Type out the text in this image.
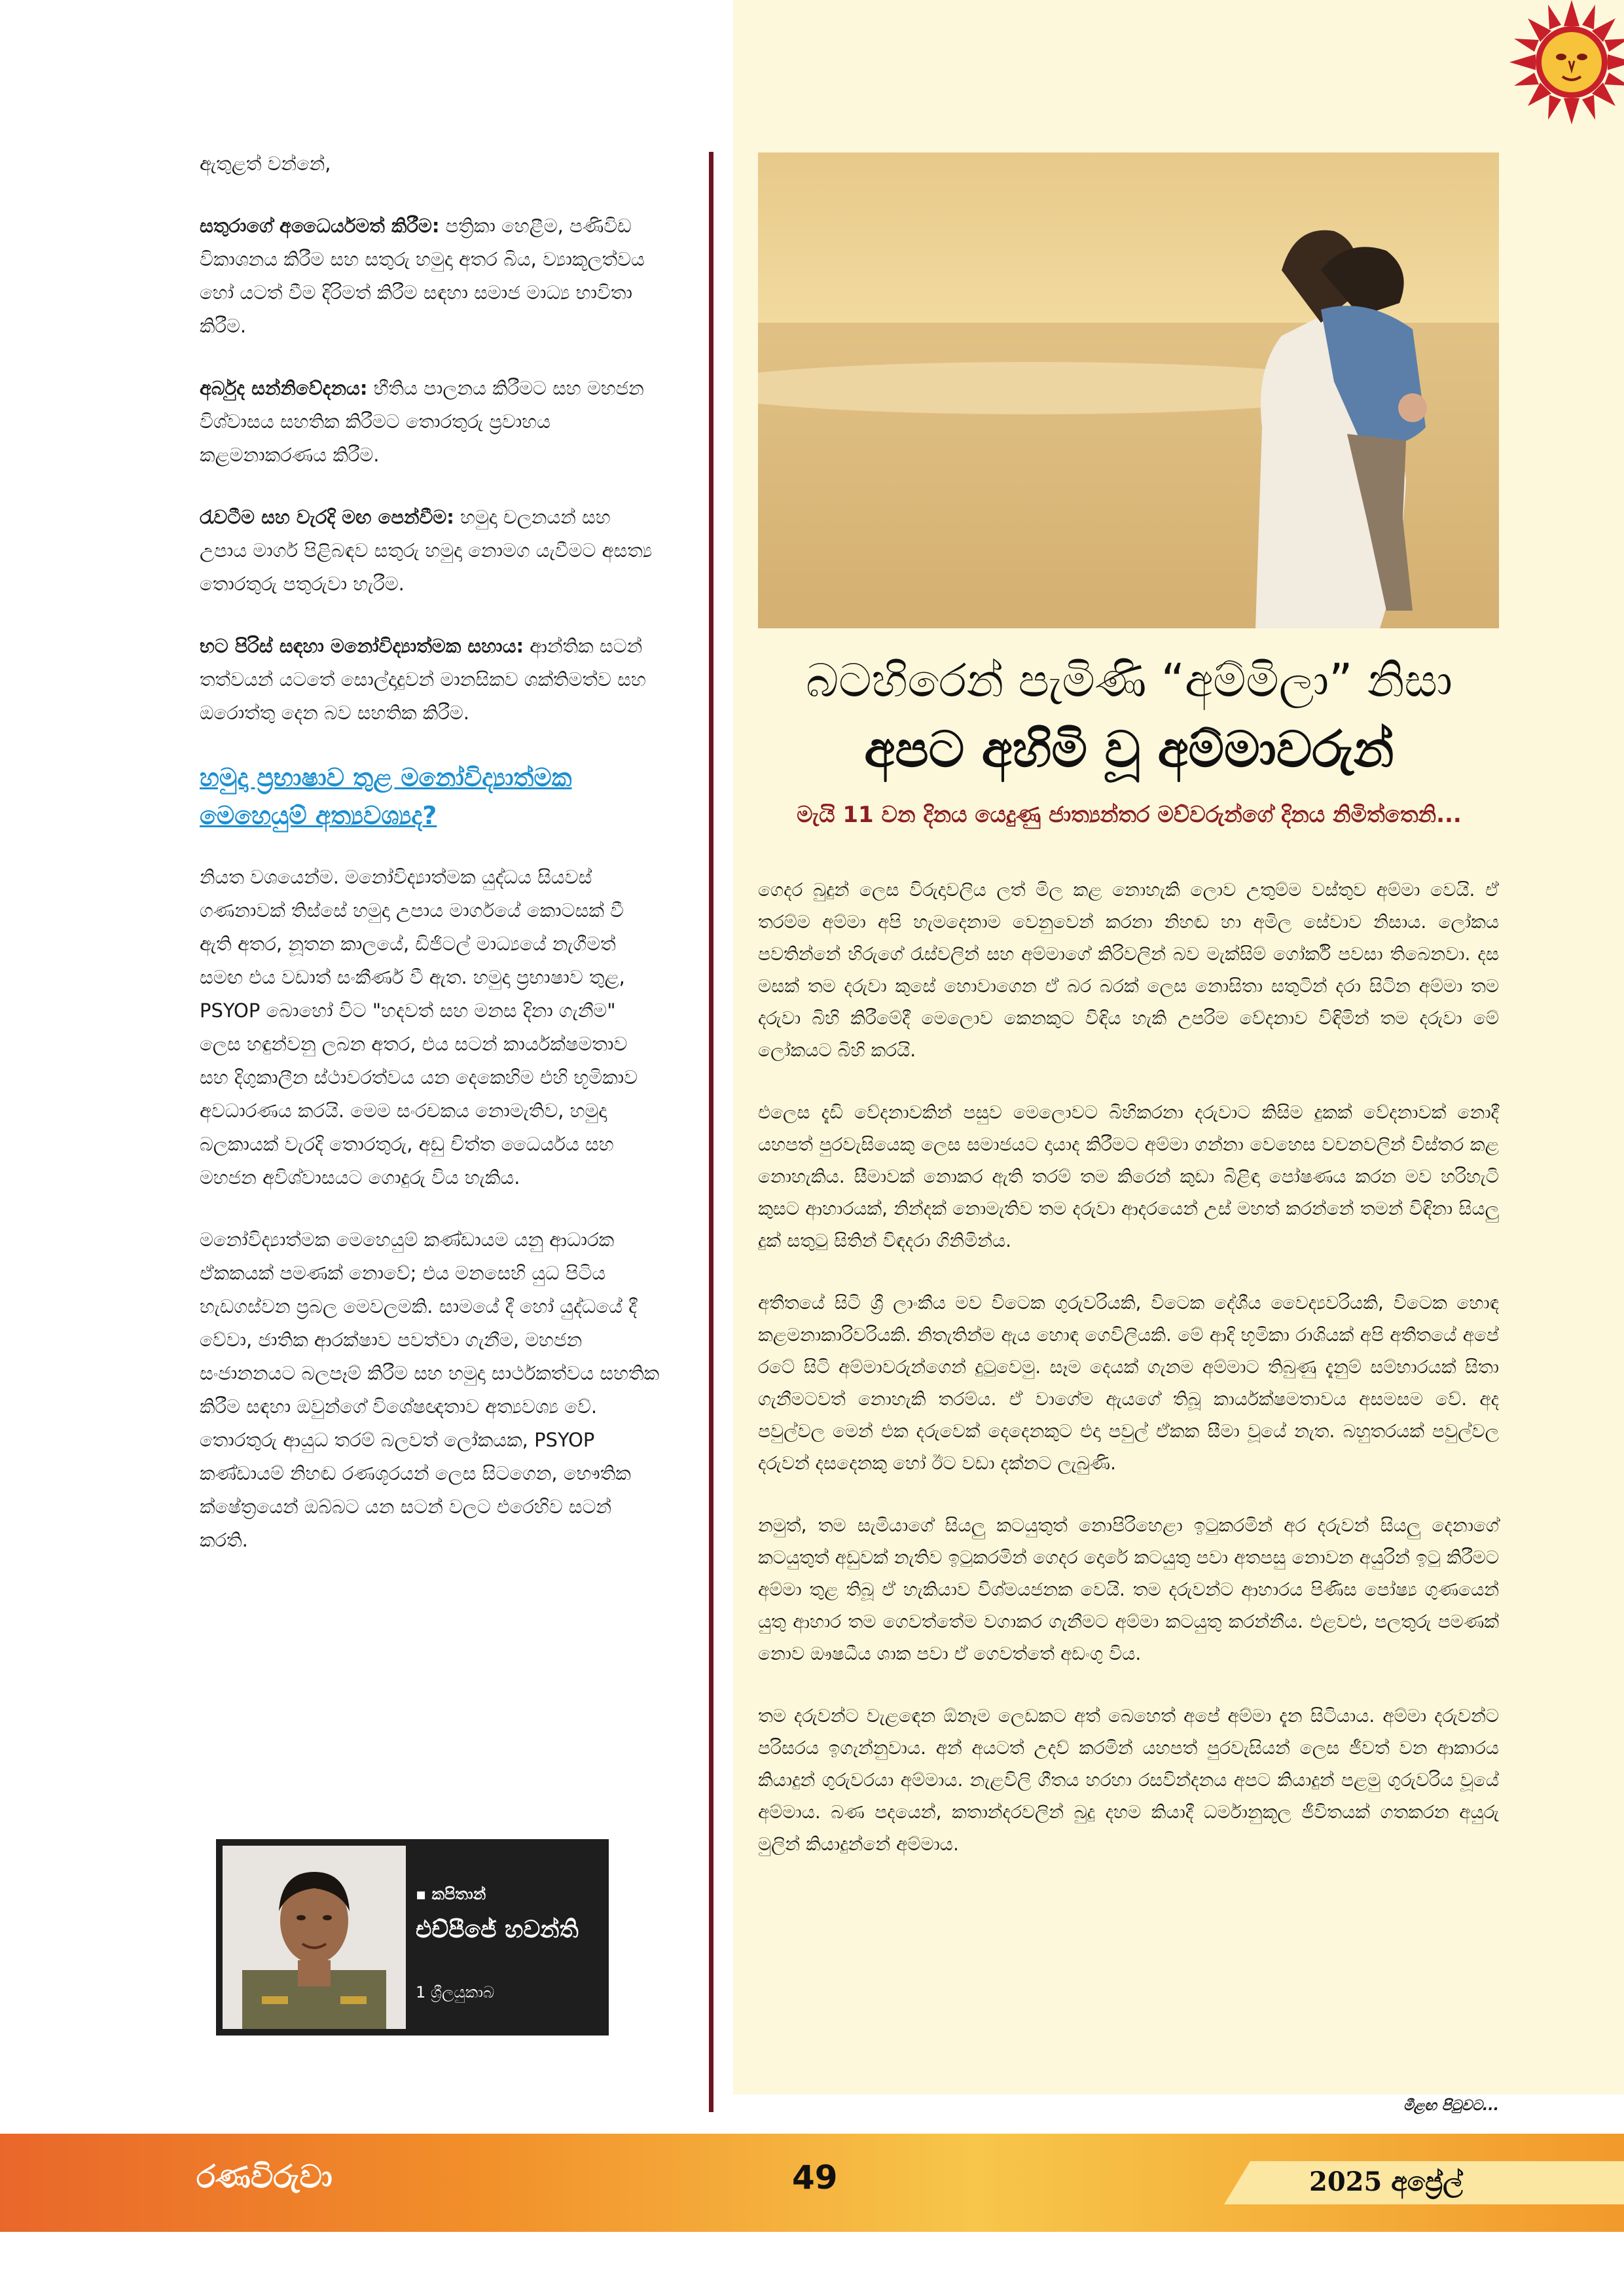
ඇතුළත් වන්නේ,

සතුරාගේ අධෛර්යමත් කිරීම: පත්‍රිකා හෙළීම, පණිවිඩ විකාශනය කිරීම සහ සතුරු හමුදා අතර බිය, ව්‍යාකූලත්වය හෝ යටත් වීම දිරිමත් කිරීම සඳහා සමාජ මාධ්‍ය භාවිතා කිරීම.

අර්බුද සන්නිවේදනය: භීතිය පාලනය කිරීමට සහ මහජන විශ්වාසය සහතික කිරීමට තොරතුරු ප්‍රවාහය කළමනාකරණය කිරීම.

රැවටීම සහ වැරදි මඟ පෙන්වීම: හමුදා චලනයන් සහ උපාය මාර්ග පිළිබඳව සතුරු හමුදා නොමග යැවීමට අසත්‍ය තොරතුරු පතුරුවා හැරීම.

භට පිරිස් සඳහා මනෝවිද්‍යාත්මක සහාය: ආන්තික සටන් තත්වයන් යටතේ සොල්දාදුවන් මානසිකව ශක්තිමත්ව සහ ඔරොත්තු දෙන බව සහතික කිරීම.

හමුදා ප්‍රභාෂාව තුළ මනෝවිද්‍යාත්මක මෙහෙයුම් අත්‍යවශ්‍යද?

නියත වශයෙන්ම. මනෝවිද්‍යාත්මක යුද්ධය සියවස් ගණනාවක් තිස්සේ හමුදා උපාය මාර්ගයේ කොටසක් වී ඇති අතර, නූතන කාලයේ, ඩිජිටල් මාධ්‍යයේ නැගීමත් සමඟ එය වඩාත් සංකීර්ණ වී ඇත. හමුදා ප්‍රභාෂාව තුළ, PSYOP බොහෝ විට "හදවත් සහ මනස දිනා ගැනීම" ලෙස හඳුන්වනු ලබන අතර, එය සටන් කාර්යක්ෂමතාව සහ දිගුකාලීන ස්ථාවරත්වය යන දෙකෙහිම එහි භූමිකාව අවධාරණය කරයි. මෙම සංරචකය නොමැතිව, හමුදා බලකායක් වැරදි තොරතුරු, අඩු චිත්ත ධෛර්යය සහ මහජන අවිශ්වාසයට ගොදුරු විය හැකිය.

මනෝවිද්‍යාත්මක මෙහෙයුම් කණ්ඩායම යනු ආධාරක ඒකකයක් පමණක් නොවේ; එය මනසෙහි යුධ පිටිය හැඩගස්වන ප්‍රබල මෙවලමකි. සාමයේ දී හෝ යුද්ධයේ දී වේවා, ජාතික ආරක්ෂාව පවත්වා ගැනීම, මහජන සංජානනයට බලපෑම් කිරීම සහ හමුදා සාර්ථකත්වය සහතික කිරීම සඳහා ඔවුන්ගේ විශේෂඥතාව අත්‍යවශ්‍ය වේ. තොරතුරු ආයුධ තරම් බලවත් ලෝකයක, PSYOP කණ්ඩායම් නිහඬ රණශූරයන් ලෙස සිටගෙන, භෞතික ක්ෂේත්‍රයෙන් ඔබ්බට යන සටන් වලට එරෙහිව සටන් කරති.

▪ කපිතාන්
එච්පීජේ හවන්ති
1 ශ්‍රීලයුකාබ
බටහිරෙන් පැමිණි “අම්මිලා” නිසා
අපට අහිමි වූ අම්මාවරුන්
මැයි 11 වන දිනය යෙදුණු ජාත්‍යන්තර මව්වරුන්ගේ දිනය නිමිත්තෙනි...

ගෙදර බුදුන් ලෙස විරුදාවලිය ලත් මිල කළ නොහැකි ලොව උතුම්ම වස්තුව අම්මා වෙයි. ඒ තරම්ම අම්මා අපි හැමදෙනාම වෙනුවෙන් කරනා නිහඬ හා අමිල සේවාව නිසාය. ලෝකය පවතින්නේ හිරුගේ රැස්වලින් සහ අම්මාගේ කිරිවලින් බව මැක්සිම් ගෝර්කි පවසා තිබෙනවා. දස මසක් තම දරුවා කුසේ හොවාගෙන ඒ බර බරක් ලෙස නොසිතා සතුටින් දරා සිටින අම්මා තම දරුවා බිහි කිරීමේදී මෙලොව කෙනකුට විඳිය හැකි උපරිම වේදනාව විඳිමින් තම දරුවා මේ ලෝකයට බිහි කරයි.

එලෙස දැඩි වේදනාවකින් පසුව මෙලොවට බිහිකරනා දරුවාට කිසිම දුකක් වේදනාවක් නොදී යහපත් පුරවැසියෙකු ලෙස සමාජයට දායාද කිරීමට අම්මා ගන්නා වෙහෙස වචනවලින් විස්තර කළ නොහැකිය. සීමාවක් නොකර ඇති තරම් තම කිරෙන් කුඩා බිළිඳා පෝෂණය කරන මව හරිහැටි කුසට ආහාරයක්, නින්දක් නොමැතිව තම දරුවා ආදරයෙන් උස් මහත් කරන්නේ තමන් විඳිනා සියලු දුක් සතුටු සිතින් විඳදරා ගිනිමින්ය.

අතීතයේ සිටි ශ්‍රී ලාංකීය මව විටෙක ගුරුවරියකි, විටෙක දේශීය වෛද්‍යවරියකි, විටෙක හොඳ කළමනාකාරිවරියකි. නිතැතින්ම ඇය හොඳ ගෙවිලියකි. මේ ආදි භූමිකා රාශියක් අපි අතීතයේ අපේ රටේ සිටි අම්මාවරුන්ගෙන් දුටුවෙමු. සෑම දෙයක් ගැනම අම්මාට තිබුණු දැනුම් සම්භාරයක් සිතා ගැනීමටවත් නොහැකි තරම්ය. ඒ වාගේම ඇයගේ තිබූ කාර්යක්ෂමතාවය අසමසම වේ. අද පවුල්වල මෙන් එක දරුවෙක් දෙදෙනකුට එදා පවුල් ඒකක සීමා වූයේ නැත. බහුතරයක් පවුල්වල දරුවන් දසදෙනකු හෝ ඊට වඩා දක්නට ලැබුණි.

නමුත්, තම සැමියාගේ සියලු කටයුතුත් නොපිරිහෙළා ඉටුකරමින් අර දරුවන් සියලු දෙනාගේ කටයුතුත් අඩුවක් නැතිව ඉටුකරමින් ගෙදර දොරේ කටයුතු පවා අතපසු නොවන අයුරින් ඉටු කිරීමට අම්මා තුළ තිබූ ඒ හැකියාව විශ්මයජනක වෙයි. තම දරුවන්ට ආහාරය පිණිස පෝෂ්‍ය ගුණයෙන් යුතු ආහාර තම ගෙවත්තේම වගාකර ගැනීමට අම්මා කටයුතු කරන්නීය. එළවළු, පලතුරු පමණක් නොව ඖෂධීය ශාක පවා ඒ ගෙවත්තේ අඩංගු විය.

තම දරුවන්ට වැළඳෙන ඕනෑම ලෙඩකට අත් බෙහෙත් අපේ අම්මා දැන සිටියාය. අම්මා දරුවන්ට පරිසරය ඉගැන්නුවාය. අන් අයටත් උදව් කරමින් යහපත් පුරවැසියන් ලෙස ජීවත් වන ආකාරය කියාදුන් ගුරුවරයා අම්මාය. නැළවිලි ගීතය හරහා රසවින්දනය අපට කියාදුන් පළමු ගුරුවරිය වූයේ අම්මාය. බණ පදයෙන්, කතාන්දරවලින් බුදු දහම කියාදී ධර්මානුකූල ජීවිතයක් ගතකරන අයුරු මුලින් කියාදුන්නේ අම්මාය.

මීළඟ පිටුවට...
රණවිරුවා	49	2025 අප්‍රේල්
